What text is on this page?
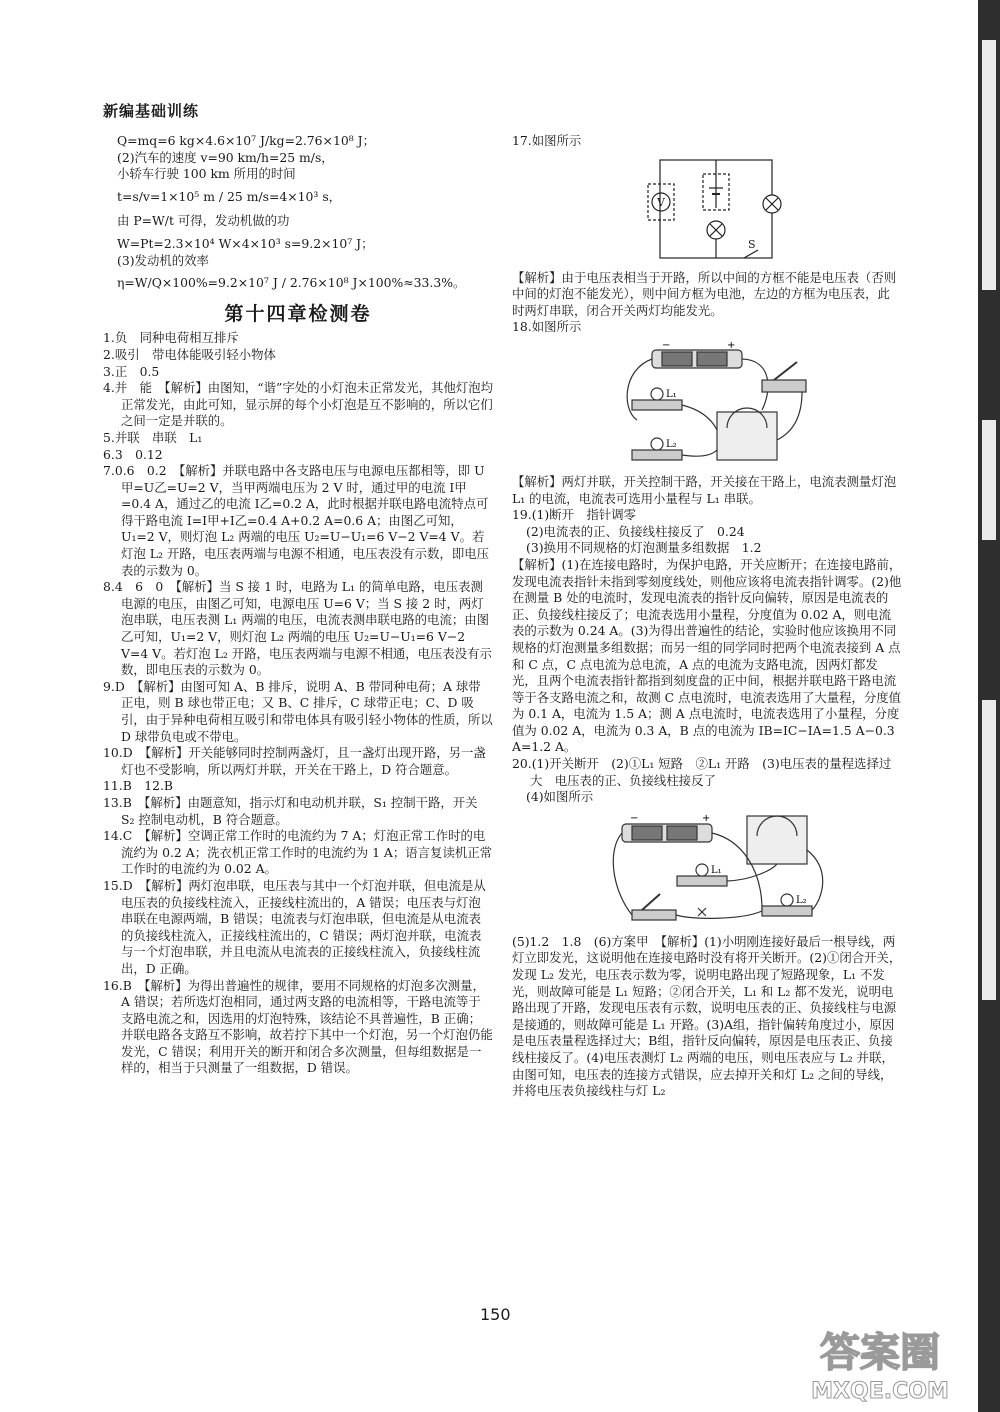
新编基础训练

Q=mq=6 kg×4.6×10⁷ J/kg=2.76×10⁸ J；

(2)汽车的速度 v=90 km/h=25 m/s，

小轿车行驶 100 km 所用的时间

t=s/v=1×10⁵ m / 25 m/s=4×10³ s，

由 P=W/t 可得，发动机做的功

W=Pt=2.3×10⁴ W×4×10³ s=9.2×10⁷ J；

(3)发动机的效率

η=W/Q×100%=9.2×10⁷ J / 2.76×10⁸ J×100%≈33.3%。

第十四章检测卷

1.负　同种电荷相互排斥

2.吸引　带电体能吸引轻小物体

3.正　0.5

4.并　能　【解析】由图知，“谐”字处的小灯泡未正常发光，其他灯泡均正常发光，由此可知，显示屏的每个小灯泡是互不影响的，所以它们之间一定是并联的。

5.并联　串联　L₁

6.3　0.12

7.0.6　0.2　【解析】并联电路中各支路电压与电源电压都相等，即 U甲=U乙=U=2 V，当甲两端电压为 2 V 时，通过甲的电流 I甲=0.4 A，通过乙的电流 I乙=0.2 A，此时根据并联电路电流特点可得干路电流 I=I甲+I乙=0.4 A+0.2 A=0.6 A；由图乙可知，U₁=2 V，则灯泡 L₂ 两端的电压 U₂=U−U₁=6 V−2 V=4 V。若灯泡 L₂ 开路，电压表两端与电源不相通，电压表没有示数，即电压表的示数为 0。

8.4　6　0　【解析】当 S 接 1 时，电路为 L₁ 的简单电路，电压表测电源的电压，由图乙可知，电源电压 U=6 V；当 S 接 2 时，两灯泡串联，电压表测 L₁ 两端的电压，电流表测串联电路的电流；由图乙可知，U₁=2 V，则灯泡 L₂ 两端的电压 U₂=U−U₁=6 V−2 V=4 V。若灯泡 L₂ 开路，电压表两端与电源不相通，电压表没有示数，即电压表的示数为 0。

9.D　【解析】由图可知 A、B 排斥，说明 A、B 带同种电荷；A 球带正电，则 B 球也带正电；又 B、C 排斥，C 球带正电；C、D 吸引，由于异种电荷相互吸引和带电体具有吸引轻小物体的性质，所以 D 球带负电或不带电。

10.D　【解析】开关能够同时控制两盏灯，且一盏灯出现开路，另一盏灯也不受影响，所以两灯并联，开关在干路上，D 符合题意。

11.B　12.B

13.B　【解析】由题意知，指示灯和电动机并联，S₁ 控制干路，开关 S₂ 控制电动机，B 符合题意。

14.C　【解析】空调正常工作时的电流约为 7 A；灯泡正常工作时的电流约为 0.2 A；洗衣机正常工作时的电流约为 1 A；语言复读机正常工作时的电流约为 0.02 A。

15.D　【解析】两灯泡串联，电压表与其中一个灯泡并联，但电流是从电压表的负接线柱流入，正接线柱流出的，A 错误；电压表与灯泡串联在电源两端，B 错误；电流表与灯泡串联，但电流是从电流表的负接线柱流入，正接线柱流出的，C 错误；两灯泡并联，电流表与一个灯泡串联，并且电流从电流表的正接线柱流入，负接线柱流出，D 正确。

16.B　【解析】为得出普遍性的规律，要用不同规格的灯泡多次测量，A 错误；若所选灯泡相同，通过两支路的电流相等，干路电流等于支路电流之和，因选用的灯泡特殊，该结论不具普遍性，B 正确；并联电路各支路互不影响，故若拧下其中一个灯泡，另一个灯泡仍能发光，C 错误；利用开关的断开和闭合多次测量，但每组数据是一样的，相当于只测量了一组数据，D 错误。

17.如图所示

V
S

【解析】由于电压表相当于开路，所以中间的方框不能是电压表（否则中间的灯泡不能发光），则中间方框为电池，左边的方框为电压表，此时两灯串联，闭合开关两灯均能发光。

18.如图所示

−	+
L₁
L₂

【解析】两灯并联，开关控制干路，开关接在干路上，电流表测量灯泡 L₁ 的电流，电流表可选用小量程与 L₁ 串联。

19.(1)断开　指针调零

(2)电流表的正、负接线柱接反了　0.24

(3)换用不同规格的灯泡测量多组数据　1.2

【解析】(1)在连接电路时，为保护电路，开关应断开；在连接电路前，发现电流表指针未指到零刻度线处，则他应该将电流表指针调零。(2)他在测量 B 处的电流时，发现电流表的指针反向偏转，原因是电流表的正、负接线柱接反了；电流表选用小量程，分度值为 0.02 A，则电流表的示数为 0.24 A。(3)为得出普遍性的结论，实验时他应该换用不同规格的灯泡测量多组数据；而另一组的同学同时把两个电流表接到 A 点和 C 点，C 点电流为总电流，A 点的电流为支路电流，因两灯都发光，且两个电流表指针都指到刻度盘的正中间，根据并联电路干路电流等于各支路电流之和，故测 C 点电流时，电流表选用了大量程，分度值为 0.1 A，电流为 1.5 A；测 A 点电流时，电流表选用了小量程，分度值为 0.02 A，电流为 0.3 A，B 点的电流为 IB=IC−IA=1.5 A−0.3 A=1.2 A。

20.(1)开关断开　(2)①L₁ 短路　②L₁ 开路　(3)电压表的量程选择过大　电压表的正、负接线柱接反了

(4)如图所示

−	+
L₁
L₂

(5)1.2　1.8　(6)方案甲　【解析】(1)小明刚连接好最后一根导线，两灯立即发光，这说明他在连接电路时没有将开关断开。(2)①闭合开关，发现 L₂ 发光，电压表示数为零，说明电路出现了短路现象，L₁ 不发光，则故障可能是 L₁ 短路；②闭合开关，L₁ 和 L₂ 都不发光，说明电路出现了开路，发现电压表有示数，说明电压表的正、负接线柱与电源是接通的，则故障可能是 L₁ 开路。(3)A组，指针偏转角度过小，原因是电压表量程选择过大；B组，指针反向偏转，原因是电压表正、负接线柱接反了。(4)电压表测灯 L₂ 两端的电压，则电压表应与 L₂ 并联，由图可知，电压表的连接方式错误，应去掉开关和灯 L₂ 之间的导线，并将电压表负接线柱与灯 L₂

150
答案圈
MXQE.COM
